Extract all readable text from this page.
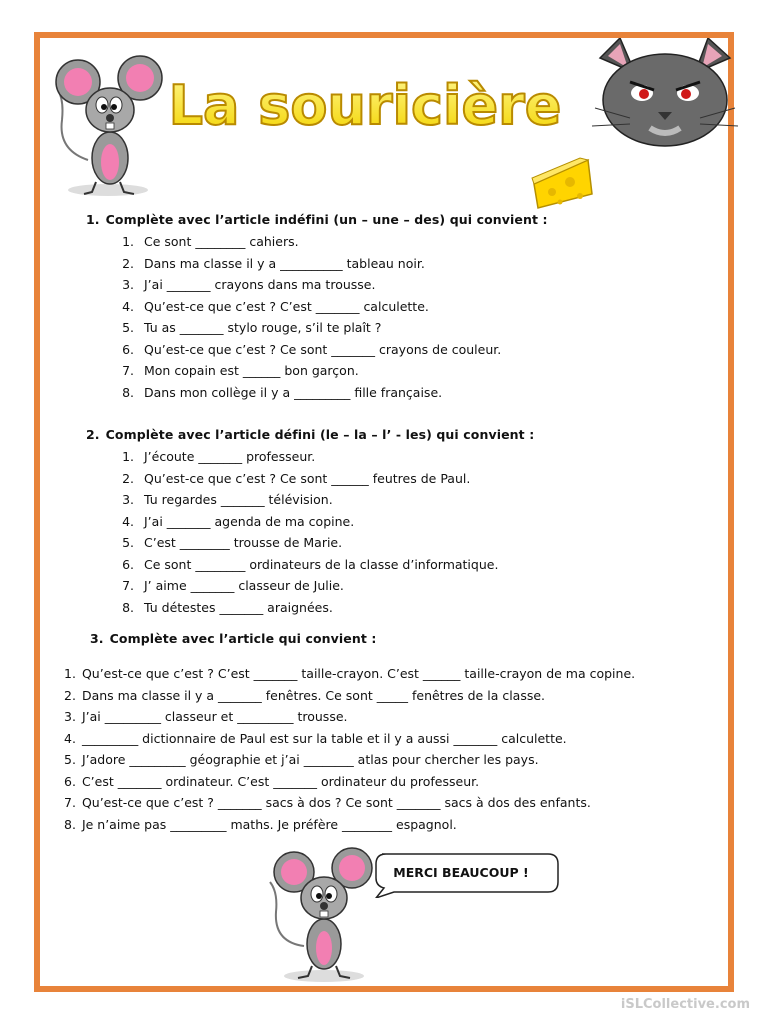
La souricière
1. Complète avec l’article indéfini (un – une – des) qui convient :
1. Ce sont ________ cahiers.
2. Dans ma classe il y a __________ tableau noir.
3. J’ai _______ crayons dans ma trousse.
4. Qu’est-ce que c’est ? C’est _______ calculette.
5. Tu as _______ stylo rouge, s’il te plaît ?
6. Qu’est-ce que c’est ? Ce sont _______ crayons de couleur.
7. Mon copain est ______ bon garçon.
8. Dans mon collège il y a _________ fille française.
2. Complète avec l’article défini (le – la – l’ - les) qui convient :
1. J’écoute _______ professeur.
2. Qu’est-ce que c’est ? Ce sont ______ feutres de Paul.
3. Tu regardes _______ télévision.
4. J’ai _______ agenda de ma copine.
5. C’est ________ trousse de Marie.
6. Ce sont ________ ordinateurs de la classe d’informatique.
7. J’ aime _______ classeur de Julie.
8. Tu détestes _______ araignées.
3. Complète avec l’article qui convient :
1. Qu’est-ce que c’est ? C’est _______ taille-crayon. C’est ______ taille-crayon de ma copine.
2. Dans ma classe il y a _______ fenêtres. Ce sont _____ fenêtres de la classe.
3. J’ai _________ classeur et _________ trousse.
4. _________ dictionnaire de Paul est sur la table et il y a aussi _______ calculette.
5. J’adore _________ géographie et j’ai ________ atlas pour chercher les pays.
6. C’est _______ ordinateur. C’est _______ ordinateur du professeur.
7. Qu’est-ce que c’est ? _______ sacs à dos ? Ce sont _______ sacs à dos des enfants.
8. Je n’aime pas _________ maths. Je préfère ________ espagnol.
MERCI BEAUCOUP !
iSLCollective.com
